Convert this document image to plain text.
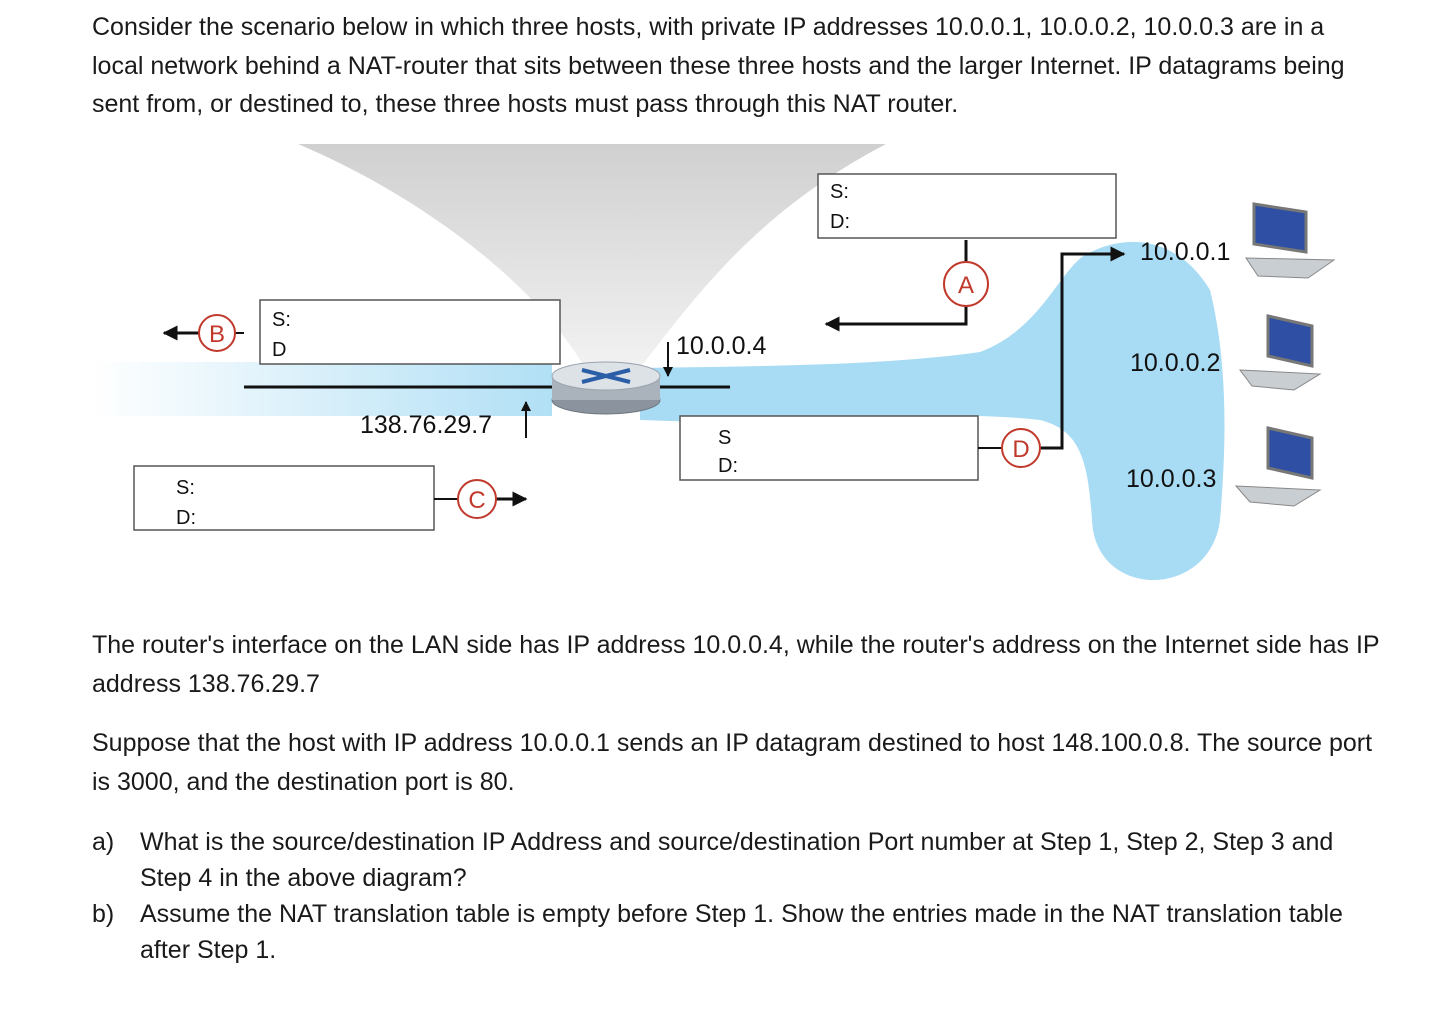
Consider the scenario below in which three hosts, with private IP addresses 10.0.0.1, 10.0.0.2, 10.0.0.3 are in a local network behind a NAT-router that sits between these three hosts and the larger Internet. IP datagrams being sent from, or destined to, these three hosts must pass through this NAT router.

S:
D:
S:
D
S:
D:
S
D:
A
B
C
D
10.0.0.4
138.76.29.7
10.0.0.1
10.0.0.2
10.0.0.3

The router's interface on the LAN side has IP address 10.0.0.4, while the router's address on the Internet side has IP address 138.76.29.7

Suppose that the host with IP address 10.0.0.1 sends an IP datagram destined to host 148.100.0.8. The source port is 3000, and the destination port is 80.

a) What is the source/destination IP Address and source/destination Port number at Step 1, Step 2, Step 3 and Step 4 in the above diagram?
b) Assume the NAT translation table is empty before Step 1. Show the entries made in the NAT translation table after Step 1.
